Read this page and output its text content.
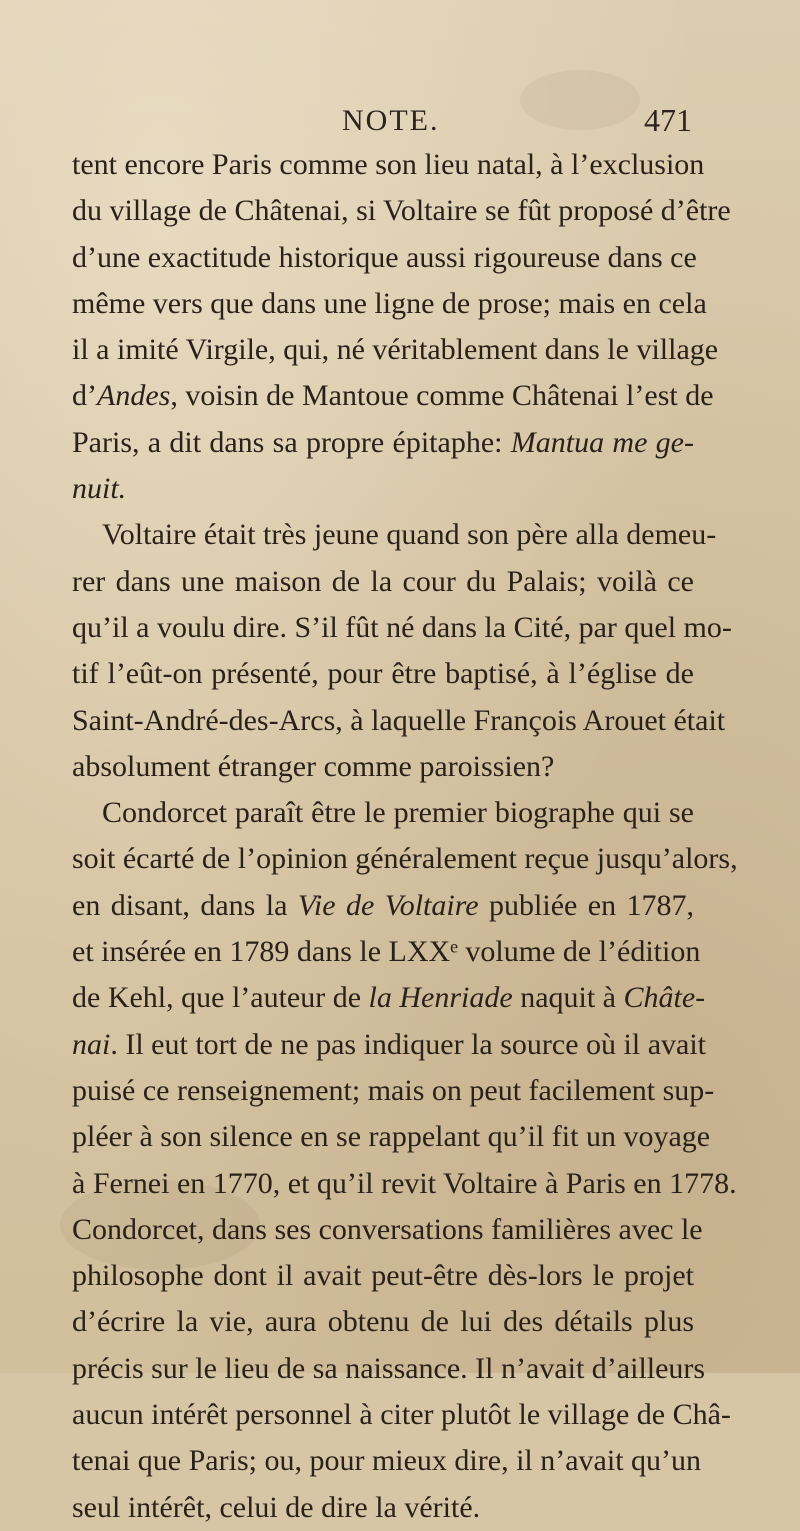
NOTE.	471
tent encore Paris comme son lieu natal, à l’exclusion
du village de Châtenai, si Voltaire se fût proposé d’être
d’une exactitude historique aussi rigoureuse dans ce
même vers que dans une ligne de prose; mais en cela
il a imité Virgile, qui, né véritablement dans le village
d’Andes, voisin de Mantoue comme Châtenai l’est de
Paris, a dit dans sa propre épitaphe: Mantua me ge-
nuit.
Voltaire était très jeune quand son père alla demeu-
rer dans une maison de la cour du Palais; voilà ce
qu’il a voulu dire. S’il fût né dans la Cité, par quel mo-
tif l’eût-on présenté, pour être baptisé, à l’église de
Saint-André-des-Arcs, à laquelle François Arouet était
absolument étranger comme paroissien?
Condorcet paraît être le premier biographe qui se
soit écarté de l’opinion généralement reçue jusqu’alors,
en disant, dans la Vie de Voltaire publiée en 1787,
et insérée en 1789 dans le LXXᵉ volume de l’édition
de Kehl, que l’auteur de la Henriade naquit à Châte-
nai. Il eut tort de ne pas indiquer la source où il avait
puisé ce renseignement; mais on peut facilement sup-
pléer à son silence en se rappelant qu’il fit un voyage
à Fernei en 1770, et qu’il revit Voltaire à Paris en 1778.
Condorcet, dans ses conversations familières avec le
philosophe dont il avait peut-être dès-lors le projet
d’écrire la vie, aura obtenu de lui des détails plus
précis sur le lieu de sa naissance. Il n’avait d’ailleurs
aucun intérêt personnel à citer plutôt le village de Châ-
tenai que Paris; ou, pour mieux dire, il n’avait qu’un
seul intérêt, celui de dire la vérité.
